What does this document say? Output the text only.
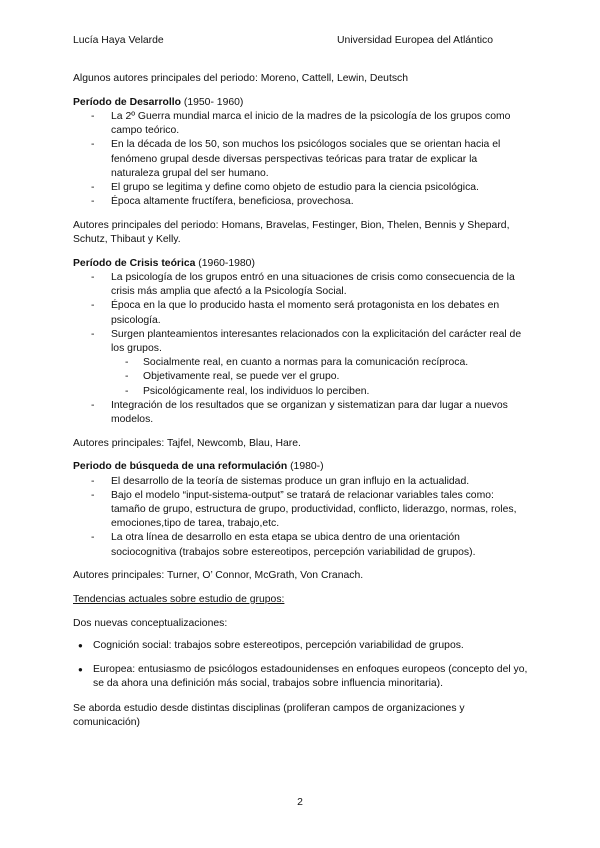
Lucía Haya Velarde	Universidad Europea del Atlántico

Algunos autores principales del periodo: Moreno, Cattell, Lewin, Deutsch

Período de Desarrollo (1950- 1960)

- La 2º Guerra mundial marca el inicio de la madres de la psicología de los grupos como campo teórico.
- En la década de los 50, son muchos los psicólogos sociales que se orientan hacia el fenómeno grupal desde diversas perspectivas teóricas para tratar de explicar la naturaleza grupal del ser humano.
- El grupo se legitima y define como objeto de estudio para la ciencia psicológica.
- Época altamente fructífera, beneficiosa, provechosa.

Autores principales del periodo: Homans, Bravelas, Festinger, Bion, Thelen, Bennis y Shepard, Schutz, Thibaut y Kelly.

Período de Crisis teórica (1960-1980)

- La psicología de los grupos entró en una situaciones de crisis como consecuencia de la crisis más amplia que afectó a la Psicología Social.
- Época en la que lo producido hasta el momento será protagonista en los debates en psicología.
- Surgen planteamientos interesantes relacionados con la explicitación del carácter real de los grupos.
- Socialmente real, en cuanto a normas para la comunicación recíproca.
- Objetivamente real, se puede ver el grupo.
- Psicológicamente real, los individuos lo perciben.
- Integración de los resultados que se organizan y sistematizan para dar lugar a nuevos modelos.

Autores principales: Tajfel, Newcomb, Blau, Hare.

Periodo de búsqueda de una reformulación (1980-)

- El desarrollo de la teoría de sistemas produce un gran influjo en la actualidad.
- Bajo el modelo “input-sistema-output” se tratará de relacionar variables tales como: tamaño de grupo, estructura de grupo, productividad, conflicto, liderazgo, normas, roles, emociones,tipo de tarea, trabajo,etc.
- La otra línea de desarrollo en esta etapa se ubica dentro de una orientación sociocognitiva (trabajos sobre estereotipos, percepción variabilidad de grupos).

Autores principales: Turner, O’ Connor, McGrath, Von Cranach.

Tendencias actuales sobre estudio de grupos:

Dos nuevas conceptualizaciones:

● Cognición social: trabajos sobre estereotipos, percepción variabilidad de grupos.
● Europea: entusiasmo de psicólogos estadounidenses en enfoques europeos (concepto del yo, se da ahora una definición más social, trabajos sobre influencia minoritaria).

Se aborda estudio desde distintas disciplinas (proliferan campos de organizaciones y comunicación)

2
